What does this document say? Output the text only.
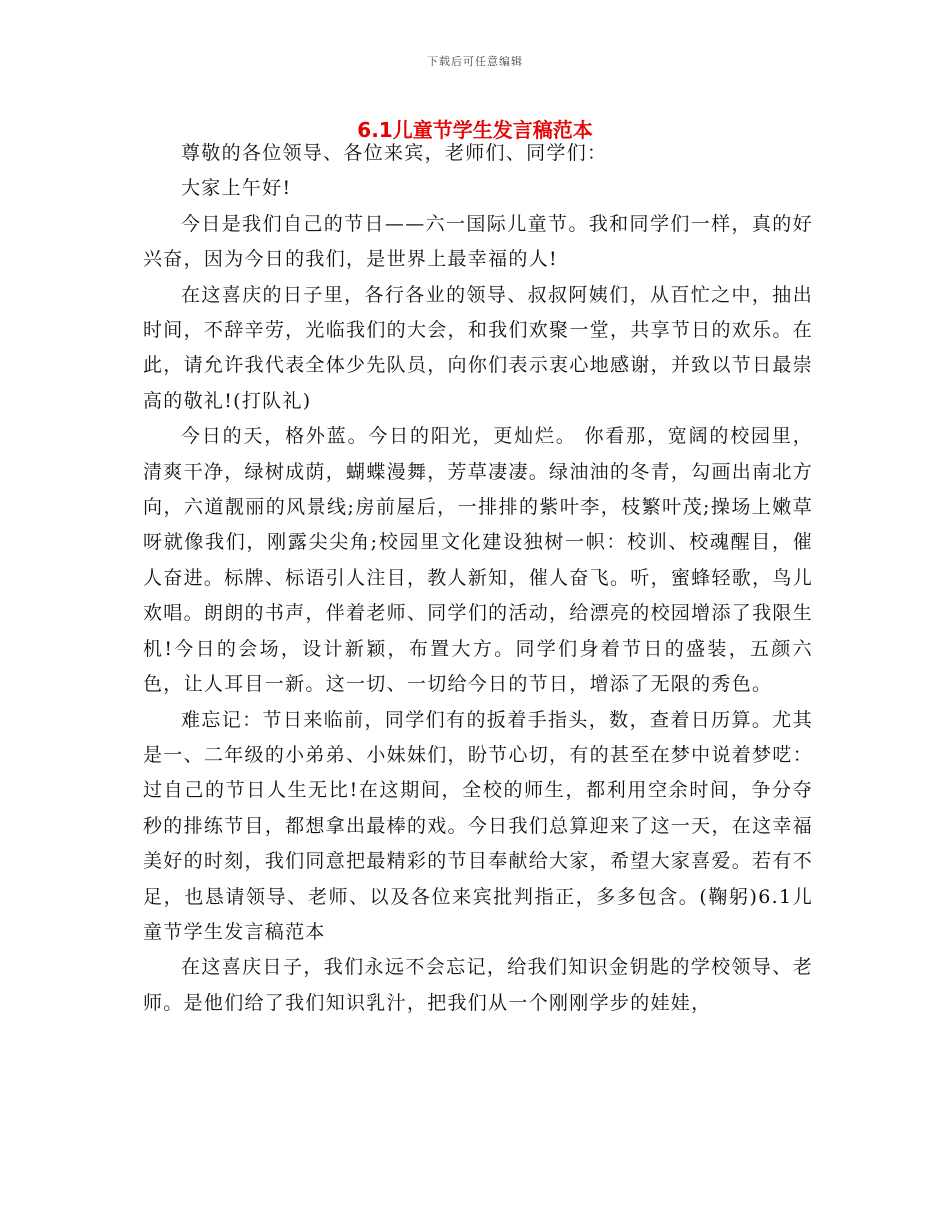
下载后可任意编辑
6.1儿童节学生发言稿范本

尊敬的各位领导、各位来宾，老师们、同学们：

大家上午好!

今日是我们自己的节日——六一国际儿童节。我和同学们一样，真的好兴奋，因为今日的我们，是世界上最幸福的人!

在这喜庆的日子里，各行各业的领导、叔叔阿姨们，从百忙之中，抽出时间，不辞辛劳，光临我们的大会，和我们欢聚一堂，共享节日的欢乐。在此，请允许我代表全体少先队员，向你们表示衷心地感谢，并致以节日最崇高的敬礼!(打队礼)

今日的天，格外蓝。今日的阳光，更灿烂。 你看那，宽阔的校园里，清爽干净，绿树成荫，蝴蝶漫舞，芳草凄凄。绿油油的冬青，勾画出南北方向，六道靓丽的风景线;房前屋后，一排排的紫叶李，枝繁叶茂;操场上嫩草呀就像我们，刚露尖尖角;校园里文化建设独树一帜：校训、校魂醒目，催人奋进。标牌、标语引人注目，教人新知，催人奋飞。听，蜜蜂轻歌，鸟儿欢唱。朗朗的书声，伴着老师、同学们的活动，给漂亮的校园增添了我限生机!今日的会场，设计新颖，布置大方。同学们身着节日的盛装，五颜六色，让人耳目一新。这一切、一切给今日的节日，增添了无限的秀色。

难忘记：节日来临前，同学们有的扳着手指头，数，查着日历算。尤其是一、二年级的小弟弟、小妹妹们，盼节心切，有的甚至在梦中说着梦呓：过自己的节日人生无比!在这期间，全校的师生，都利用空余时间，争分夺秒的排练节目，都想拿出最棒的戏。今日我们总算迎来了这一天，在这幸福美好的时刻，我们同意把最精彩的节目奉献给大家，希望大家喜爱。若有不足，也恳请领导、老师、以及各位来宾批判指正，多多包含。(鞠躬)6.1儿童节学生发言稿范本

在这喜庆日子，我们永远不会忘记，给我们知识金钥匙的学校领导、老师。是他们给了我们知识乳汁，把我们从一个刚刚学步的娃娃，
